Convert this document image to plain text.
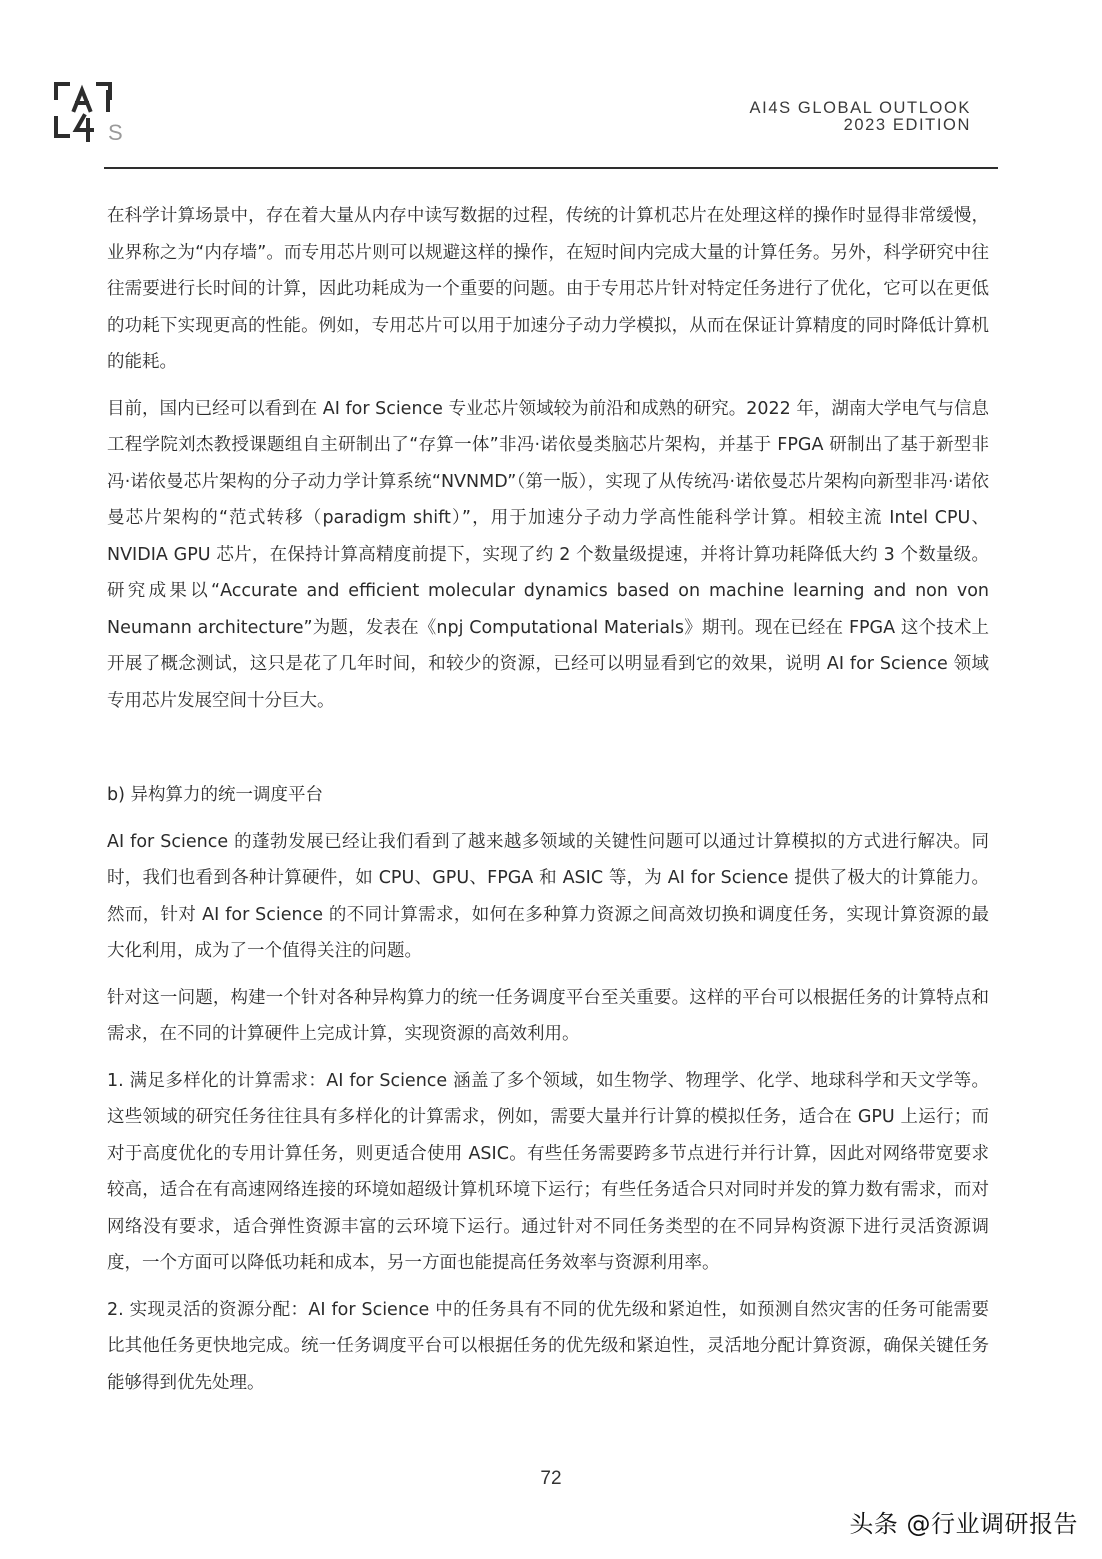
S
AI4S GLOBAL OUTLOOK
2023 EDITION

在科学计算场景中，存在着大量从内存中读写数据的过程，传统的计算机芯片在处理这样的操作时显得非常缓慢，业界称之为“内存墙”。而专用芯片则可以规避这样的操作，在短时间内完成大量的计算任务。另外，科学研究中往往需要进行长时间的计算，因此功耗成为一个重要的问题。由于专用芯片针对特定任务进行了优化，它可以在更低的功耗下实现更高的性能。例如，专用芯片可以用于加速分子动力学模拟，从而在保证计算精度的同时降低计算机的能耗。

目前，国内已经可以看到在 AI for Science 专业芯片领域较为前沿和成熟的研究。2022 年，湖南大学电气与信息工程学院刘杰教授课题组自主研制出了“存算一体”非冯·诺依曼类脑芯片架构，并基于 FPGA 研制出了基于新型非冯·诺依曼芯片架构的分子动力学计算系统“NVNMD”（第一版），实现了从传统冯·诺依曼芯片架构向新型非冯·诺依曼芯片架构的“范式转移（paradigm shift）”，用于加速分子动力学高性能科学计算。相较主流 Intel CPU、NVIDIA GPU 芯片，在保持计算高精度前提下，实现了约 2 个数量级提速，并将计算功耗降低大约 3 个数量级。研究成果以“Accurate and efficient molecular dynamics based on machine learning and non von Neumann architecture”为题，发表在《npj Computational Materials》期刊。现在已经在 FPGA 这个技术上开展了概念测试，这只是花了几年时间，和较少的资源，已经可以明显看到它的效果，说明 AI for Science 领域专用芯片发展空间十分巨大。

b) 异构算力的统一调度平台

AI for Science 的蓬勃发展已经让我们看到了越来越多领域的关键性问题可以通过计算模拟的方式进行解决。同时，我们也看到各种计算硬件，如 CPU、GPU、FPGA 和 ASIC 等，为 AI for Science 提供了极大的计算能力。然而，针对 AI for Science 的不同计算需求，如何在多种算力资源之间高效切换和调度任务，实现计算资源的最大化利用，成为了一个值得关注的问题。

针对这一问题，构建一个针对各种异构算力的统一任务调度平台至关重要。这样的平台可以根据任务的计算特点和需求，在不同的计算硬件上完成计算，实现资源的高效利用。

1. 满足多样化的计算需求：AI for Science 涵盖了多个领域，如生物学、物理学、化学、地球科学和天文学等。这些领域的研究任务往往具有多样化的计算需求，例如，需要大量并行计算的模拟任务，适合在 GPU 上运行；而对于高度优化的专用计算任务，则更适合使用 ASIC。有些任务需要跨多节点进行并行计算，因此对网络带宽要求较高，适合在有高速网络连接的环境如超级计算机环境下运行；有些任务适合只对同时并发的算力数有需求，而对网络没有要求，适合弹性资源丰富的云环境下运行。通过针对不同任务类型的在不同异构资源下进行灵活资源调度，一个方面可以降低功耗和成本，另一方面也能提高任务效率与资源利用率。

2. 实现灵活的资源分配：AI for Science 中的任务具有不同的优先级和紧迫性，如预测自然灾害的任务可能需要比其他任务更快地完成。统一任务调度平台可以根据任务的优先级和紧迫性，灵活地分配计算资源，确保关键任务能够得到优先处理。

72
头条 @行业调研报告
